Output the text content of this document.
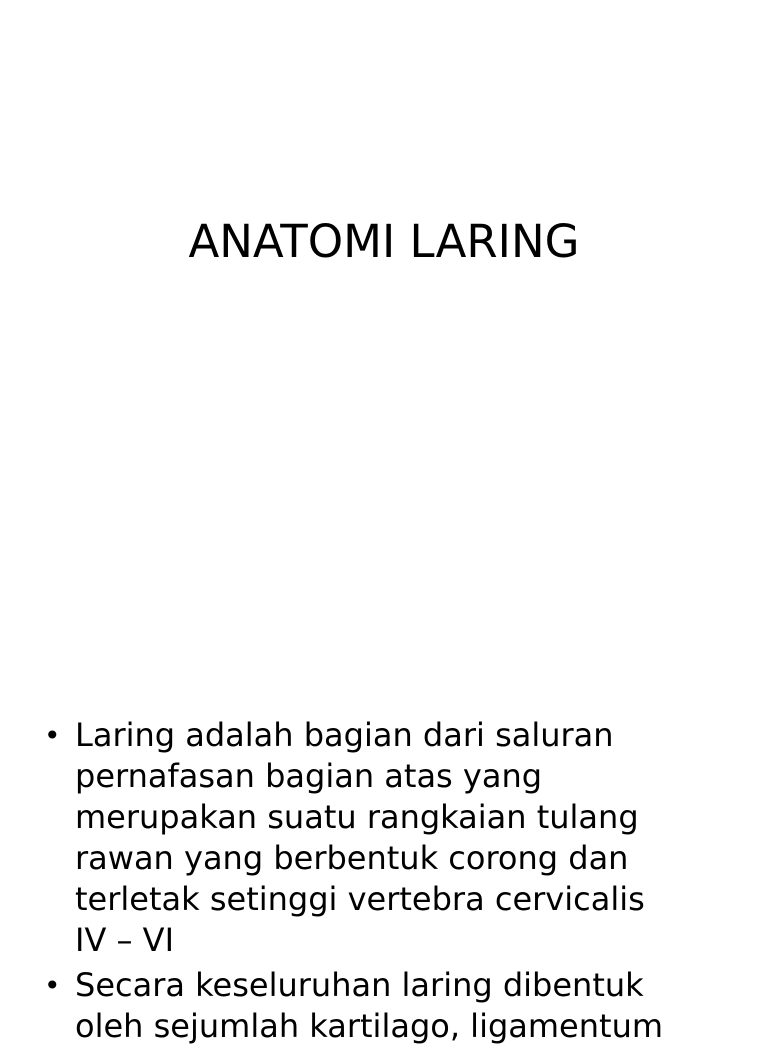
ANATOMI LARING
• Laring adalah bagian dari saluran
pernafasan bagian atas yang
merupakan suatu rangkaian tulang
rawan yang berbentuk corong dan
terletak setinggi vertebra cervicalis
IV – VI
• Secara keseluruhan laring dibentuk
oleh sejumlah kartilago, ligamentum
